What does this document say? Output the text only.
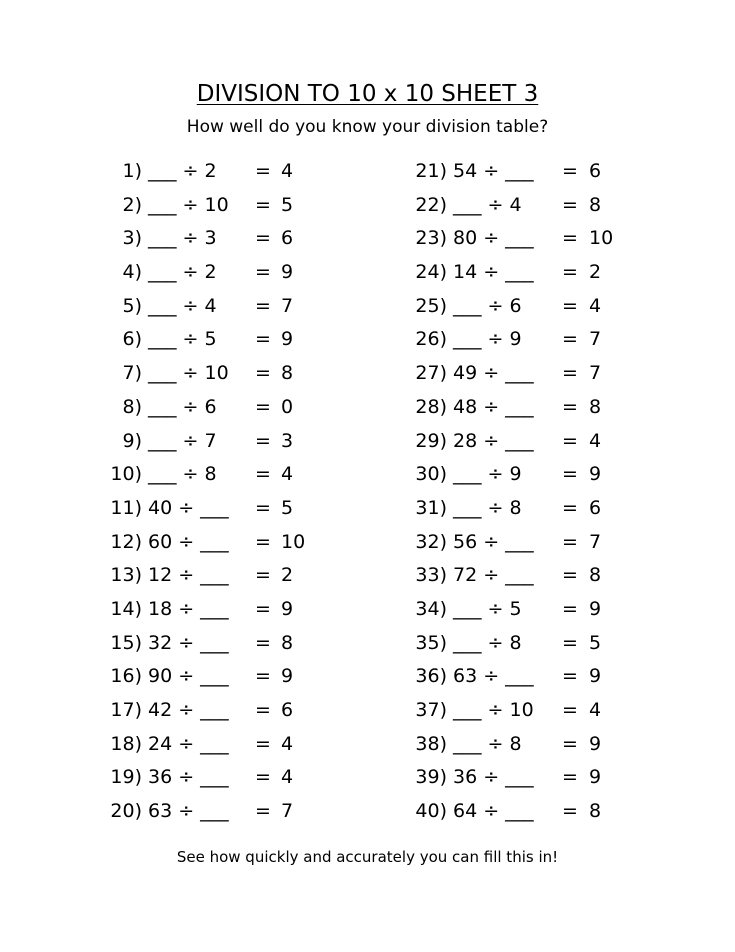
DIVISION TO 10 x 10 SHEET 3
How well do you know your division table?
1) ___ ÷ 2 = 4
2) ___ ÷ 10 = 5
3) ___ ÷ 3 = 6
4) ___ ÷ 2 = 9
5) ___ ÷ 4 = 7
6) ___ ÷ 5 = 9
7) ___ ÷ 10 = 8
8) ___ ÷ 6 = 0
9) ___ ÷ 7 = 3
10) ___ ÷ 8 = 4
11) 40 ÷ ___ = 5
12) 60 ÷ ___ = 10
13) 12 ÷ ___ = 2
14) 18 ÷ ___ = 9
15) 32 ÷ ___ = 8
16) 90 ÷ ___ = 9
17) 42 ÷ ___ = 6
18) 24 ÷ ___ = 4
19) 36 ÷ ___ = 4
20) 63 ÷ ___ = 7
21) 54 ÷ ___ = 6
22) ___ ÷ 4 = 8
23) 80 ÷ ___ = 10
24) 14 ÷ ___ = 2
25) ___ ÷ 6 = 4
26) ___ ÷ 9 = 7
27) 49 ÷ ___ = 7
28) 48 ÷ ___ = 8
29) 28 ÷ ___ = 4
30) ___ ÷ 9 = 9
31) ___ ÷ 8 = 6
32) 56 ÷ ___ = 7
33) 72 ÷ ___ = 8
34) ___ ÷ 5 = 9
35) ___ ÷ 8 = 5
36) 63 ÷ ___ = 9
37) ___ ÷ 10 = 4
38) ___ ÷ 8 = 9
39) 36 ÷ ___ = 9
40) 64 ÷ ___ = 8
See how quickly and accurately you can fill this in!
